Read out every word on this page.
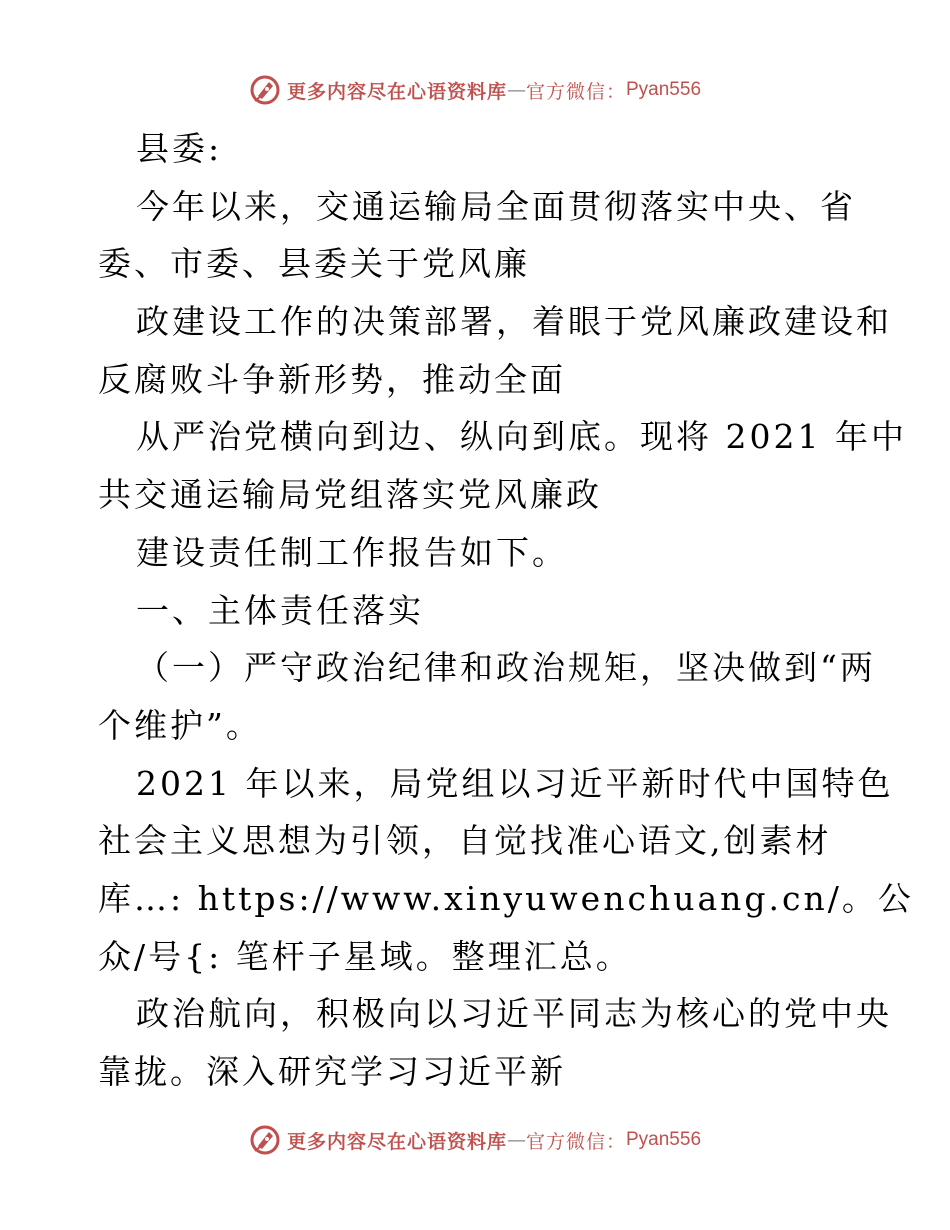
更多内容尽在心语资料库 — 官方微信： Pyan556
县委:
今年以来，交通运输局全面贯彻落实中央、省
委、市委、县委关于党风廉
政建设工作的决策部署，着眼于党风廉政建设和
反腐败斗争新形势，推动全面
从严治党横向到边、纵向到底。现将 2021 年中
共交通运输局党组落实党风廉政
建设责任制工作报告如下。
一、主体责任落实
（一）严守政治纪律和政治规矩，坚决做到“两
个维护”。
2021 年以来，局党组以习近平新时代中国特色
社会主义思想为引领，自觉找准心语文,创素材
库…: https://www.xinyuwenchuang.cn/。公
众/号{: 笔杆子星域。整理汇总。
政治航向，积极向以习近平同志为核心的党中央
靠拢。深入研究学习习近平新
更多内容尽在心语资料库 — 官方微信： Pyan556
